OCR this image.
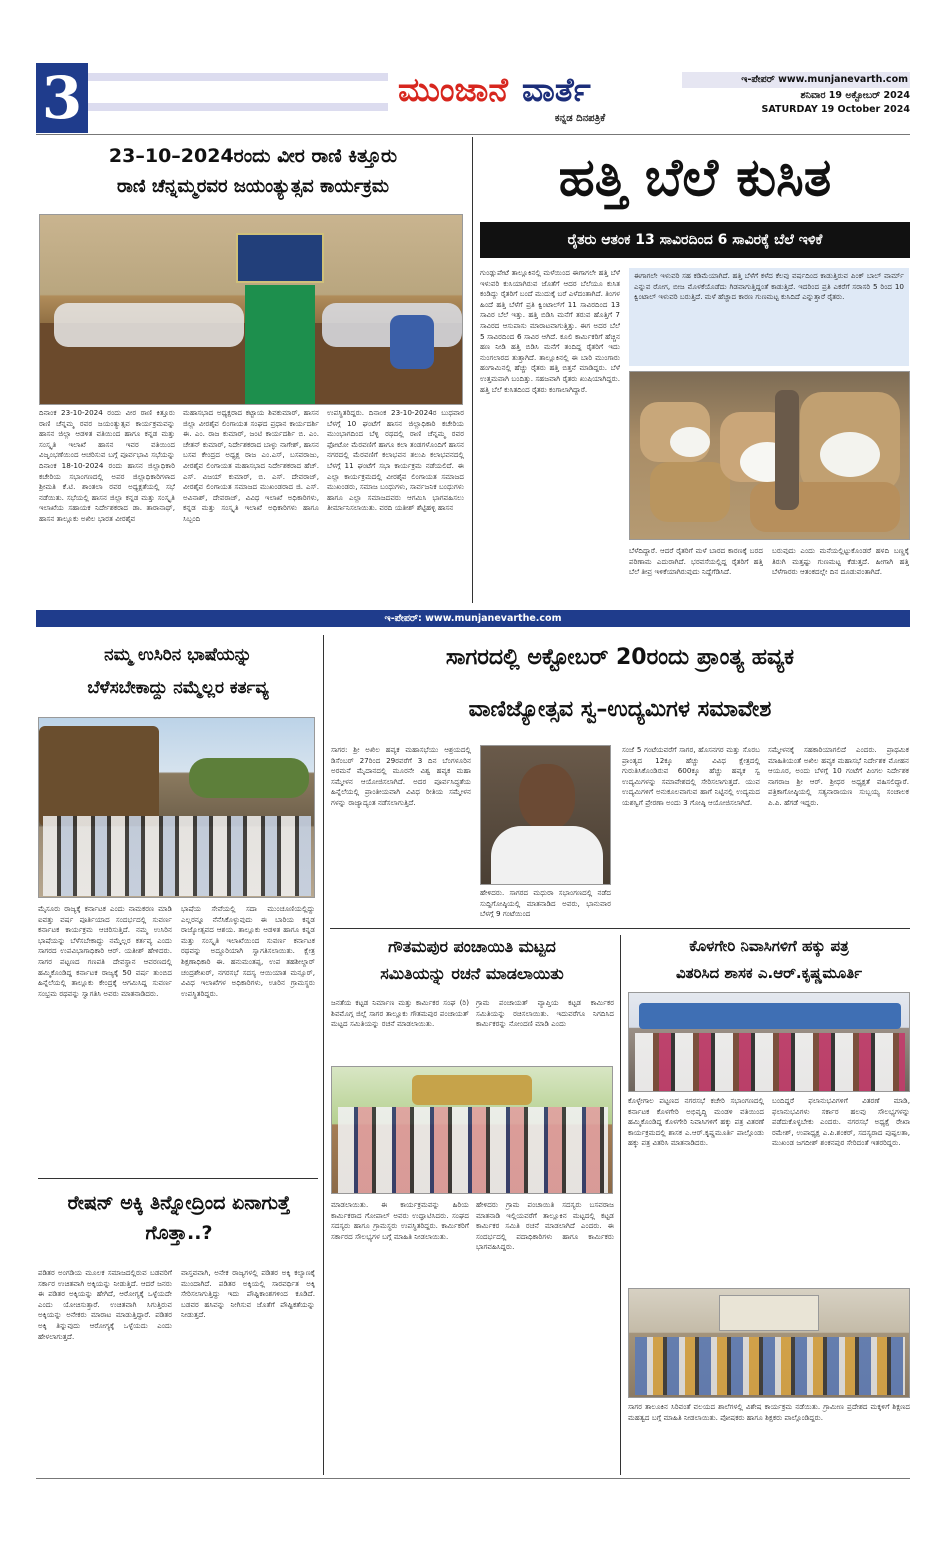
3	ಮುಂಜಾನೆ ವಾರ್ತೆ
ಕನ್ನಡ ದಿನಪತ್ರಿಕೆ
ಇ-ಪೇಪರ್ www.munjanevarth.com
ಶನಿವಾರ 19 ಅಕ್ಟೋಬರ್ 2024
SATURDAY 19 October 2024
23–10–2024ರಂದು ವೀರ ರಾಣಿ ಕಿತ್ತೂರು
ರಾಣಿ ಚೆನ್ನಮ್ಮರವರ ಜಯಂತ್ಯುತ್ಸವ ಕಾರ್ಯಕ್ರಮ
ದಿನಾಂಕ 23-10-2024 ರಂದು ವೀರ ರಾಣಿ ಕಿತ್ತೂರು ರಾಣಿ ಚೆನ್ನಮ್ಮ ರವರ ಜಯಂತ್ಯುತ್ಸವ ಕಾರ್ಯಕ್ರಮವನ್ನು ಹಾಸನ ಜಿಲ್ಲಾ ಆಡಳಿತ ವತಿಯಿಂದ ಹಾಗೂ ಕನ್ನಡ ಮತ್ತು ಸಂಸ್ಕೃತಿ ಇಲಾಖೆ ಹಾಸನ ಇವರ ವತಿಯಿಂದ ವಿಜೃಂಭಣೆಯಿಂದ ಆಚರಿಸುವ ಬಗ್ಗೆ ಪೂರ್ವಭಾವಿ ಸಭೆಯನ್ನು ದಿನಾಂಕ 18-10-2024 ರಂದು ಹಾಸನ ಜಿಲ್ಲಾಧಿಕಾರಿ ಕಚೇರಿಯ ಸಭಾಂಗಣದಲ್ಲಿ ಅಪರ ಜಿಲ್ಲಾಧಿಕಾರಿಗಳಾದ ಶ್ರೀಮತಿ ಕೆ.ಟಿ. ಶಾಂತಲಾ ರವರ ಅಧ್ಯಕ್ಷತೆಯಲ್ಲಿ ಸಭೆ ನಡೆಯಿತು. ಸಭೆಯಲ್ಲಿ ಹಾಸನ ಜಿಲ್ಲಾ ಕನ್ನಡ ಮತ್ತು ಸಂಸ್ಕೃತಿ ಇಲಾಖೆಯ ಸಹಾಯಕ ನಿರ್ದೇಶಕರಾದ ಡಾ. ತಾರಾನಾಥ್, ಹಾಸನ ತಾಲ್ಲೂಕು ಅಖಿಲ ಭಾರತ ವೀರಶೈವ
ಮಹಾಸಭಾದ ಅಧ್ಯಕ್ಷರಾದ ಕಟ್ಟಾಯ ಶಿವಕುಮಾರ್, ಹಾಸನ ಜಿಲ್ಲಾ ವೀರಶೈವ ಲಿಂಗಾಯತ ಸಂಘದ ಪ್ರಧಾನ ಕಾರ್ಯದರ್ಶಿ ಈ. ಎಂ. ರಾಜ ಕುಮಾರ್, ಜಂಟಿ ಕಾರ್ಯದರ್ಶಿ ಬಿ. ಎಂ. ಚೇತನ್ ಕುಮಾರ್, ನಿರ್ದೇಶಕರಾದ ಬಾಳ್ಳು ನಾಗೇಶ್, ಹಾಸನ ಬಸವ ಕೇಂದ್ರದ ಅಧ್ಯಕ್ಷ ರಾಜ ಎಂ.ಎಸ್, ಬಸವರಾಜು, ವೀರಶೈವ ಲಿಂಗಾಯತ ಮಹಾಸಭಾದ ನಿರ್ದೇಶಕರಾದ ಹೆಚ್. ಎಸ್. ವಿಜಯ್ ಕುಮಾರ್, ಬಿ. ಎಸ್. ದೇವರಾಜ್, ವೀರಶೈವ ಲಿಂಗಾಯತ ಸಮಾಜದ ಮುಖಂಡರಾದ ಜಿ. ಎಸ್. ಅವಿನಾಶ್, ದೇವರಾಜ್, ವಿವಿಧ ಇಲಾಖೆ ಅಧಿಕಾರಿಗಳು, ಕನ್ನಡ ಮತ್ತು ಸಂಸ್ಕೃತಿ ಇಲಾಖೆ ಅಧಿಕಾರಿಗಳು ಹಾಗೂ ಸಿಬ್ಬಂದಿ
ಉಪಸ್ಥಿತರಿದ್ದರು. ದಿನಾಂಕ 23-10-2024ರ ಬುಧವಾರ ಬೆಳಗ್ಗೆ 10 ಘಂಟೆಗೆ ಹಾಸನ ಜಿಲ್ಲಾಧಿಕಾರಿ ಕಚೇರಿಯ ಮುಂಭಾಗದಿಂದ ಬೆಳ್ಳಿ ರಥದಲ್ಲಿ ರಾಣಿ ಚೆನ್ನಮ್ಮ ರವರ ಫೋಟೋ ಮೆರವಣಿಗೆ ಹಾಗೂ ಕಲಾ ತಂಡಗಳೊಂದಿಗೆ ಹಾಸನ ನಗರದಲ್ಲಿ ಮೆರವಣಿಗೆ ಕಲಾಭವನ ತಲುಪಿ ಕಲಾಭವನದಲ್ಲಿ ಬೆಳಗ್ಗೆ 11 ಘಂಟೆಗೆ ಸಭಾ ಕಾರ್ಯಕ್ರಮ ನಡೆಯಲಿದೆ. ಈ ಎಲ್ಲಾ ಕಾರ್ಯಕ್ರಮದಲ್ಲಿ ವೀರಶೈವ ಲಿಂಗಾಯತ ಸಮಾಜದ ಮುಖಂಡರು, ಸಮಾಜ ಬಂಧುಗಳು, ಸಾರ್ವಜನಿಕ ಬಂಧುಗಳು ಹಾಗೂ ಎಲ್ಲಾ ಸಮಾಜದವರು ಆಗಮಿಸಿ ಭಾಗವಹಿಸಲು ತೀರ್ಮಾನಿಸಲಾಯಿತು. ವರದಿ ಯತೀಶ್ ಶೆಟ್ಟಿಹಳ್ಳಿ ಹಾಸನ
ಹತ್ತಿ ಬೆಲೆ ಕುಸಿತ
ರೈತರು ಆತಂಕ 13 ಸಾವಿರದಿಂದ 6 ಸಾವಿರಕ್ಕೆ ಬೆಲೆ ಇಳಿಕೆ
ಗುಂಡ್ಲುಪೇಟೆ ತಾಲ್ಲೂಕಿನಲ್ಲಿ ಮಳೆಯಿಂದ ಈಗಾಗಲೇ ಹತ್ತಿ ಬೆಳೆ ಇಳುವರಿ ಕುಸಿಯಾಗಿರುವ ಜೊತೆಗೆ ಆದರ ಬೆಲೆಯೂ ಕುಸಿತ ಕಂಡಿದ್ದು ರೈತರಿಗೆ ಬಂದೆ ಮುದುಕ್ಕೆ ಬರೆ ಎಳೆದಂತಾಗಿದೆ. ತಿಂಗಳ ಹಿಂದೆ ಹತ್ತಿ ಬೆಳೆಗೆ ಪ್ರತಿ ಕ್ವಿಂಟಾಲ್‌ಗೆ 11 ಸಾವಿರದಿಂದ 13 ಸಾವಿರ ಬೆಲೆ ಇತ್ತು. ಹತ್ತಿ ಬಿಡಿಸಿ ಮನೆಗೆ ತರುವ ಹೊತ್ತಿಗೆ 7 ಸಾವಿರದ ಆಸುಪಾಸು ಮಾರಾಟವಾಗುತ್ತಿತ್ತು. ಈಗ ಅದರ ಬೆಲೆ 5 ಸಾವಿರದಿಂದ 6 ಸಾವಿರ ಆಗಿದೆ. ಕೂಲಿ ಕಾರ್ಮಿಕರಿಗೆ ಹೆಚ್ಚಿನ ಹಣ ನೀಡಿ ಹತ್ತಿ ಬಿಡಿಸಿ ಮನೆಗೆ ತಂದಿದ್ದ ರೈತರಿಗೆ ಇದು ನುಂಗಲಾರದ ತುತ್ತಾಗಿದೆ. ತಾಲ್ಲೂಕಿನಲ್ಲಿ ಈ ಬಾರಿ ಮುಂಗಾರು ಹಂಗಾಮಿನಲ್ಲಿ ಹೆಚ್ಚು ರೈತರು ಹತ್ತಿ ಬಿತ್ತನೆ ಮಾಡಿದ್ದರು. ಬೆಳೆ ಉತ್ತಮವಾಗಿ ಬಂದಿತ್ತು. ಸಹಜವಾಗಿ ರೈತರು ಖುಷಿಯಾಗಿದ್ದರು. ಹತ್ತಿ ಬೆಲೆ ಕುಸಿತದಿಂದ ರೈತರು ಕಂಗಾಲಾಗಿದ್ದಾರೆ.
ಈಗಾಗಲೇ ಇಳುವರಿ ಸಹ ಕಡಿಮೆಯಾಗಿದೆ. ಹತ್ತಿ ಬೆಳೆಗೆ ಕಳೆದ ಕೆಲವು ವರ್ಷದಿಂದ ಕಾಡುತ್ತಿರುವ ಪಿಂಕ್ ಬಾಲ್ ವಾರ್ಮ್ ಎನ್ನುವ ರೋಗ, ಬೀಜ ಮೊಳಕೆಯೊಡೆದು ಗಿಡವಾಗುತ್ತಿದ್ದಂತೆ ಕಾಡುತ್ತಿದೆ. ಇದರಿಂದ ಪ್ರತಿ ಎಕರೆಗೆ ಸರಾಸರಿ 5 ರಿಂದ 10 ಕ್ವಿಂಟಾಲ್ ಇಳುವರಿ ಬರುತ್ತಿದೆ. ಮಳೆ ಹೆಚ್ಚಾದ ಕಾರಣ ಗುಣಮಟ್ಟ ಕುಸಿದಿದೆ ಎನ್ನುತ್ತಾರೆ ರೈತರು.
ಬೆಳೆದಿದ್ದಾರೆ. ಆದರೆ ರೈತರಿಗೆ ಮಳೆ ಬಾರದ ಕಾರಣಕ್ಕೆ ಬರದ ಪರಿಣಾಮ ಎದುರಾಗಿದೆ. ಭರವಸೆಯಲ್ಲಿದ್ದ ರೈತರಿಗೆ ಹತ್ತಿ ಬೆಲೆ ತೀವ್ರ ಇಳಿಕೆಯಾಗಿರುವುದು ನಿದ್ದೆಗೆಡಿಸಿದೆ.
ಬರುವುದು ಎಂದು ಮನೆಯಲ್ಲಿಟ್ಟುಕೊಂಡರೆ ಹಳದಿ ಬಣ್ಣಕ್ಕೆ ತಿರುಗಿ ಮತ್ತಷ್ಟು ಗುಣಮಟ್ಟ ಕೆಡುತ್ತದೆ. ಹೀಗಾಗಿ ಹತ್ತಿ ಬೆಳೆಗಾರರು ಆತಂಕದಲ್ಲೇ ದಿನ ದೂಡುವಂತಾಗಿದೆ.
ಇ-ಪೇಪರ್: www.munjanevarthe.com
ನಮ್ಮ ಉಸಿರಿನ ಭಾಷೆಯನ್ನು
ಬೆಳೆಸಬೇಕಾದ್ದು ನಮ್ಮೆಲ್ಲರ ಕರ್ತವ್ಯ
ಮೈಸೂರು ರಾಜ್ಯಕ್ಕೆ ಕರ್ನಾಟಕ ಎಂದು ನಾಮಕರಣ ಮಾಡಿ ಐವತ್ತು ವರ್ಷ ಪೂರ್ತಿಯಾದ ಸಂದರ್ಭದಲ್ಲಿ ಸುವರ್ಣ ಕರ್ನಾಟಕ ಕಾರ್ಯಕ್ರಮ ಆಚರಿಸುತ್ತಿದೆ. ನಮ್ಮ ಉಸಿರಿನ ಭಾಷೆಯನ್ನು ಬೆಳೆಸಬೇಕಾದ್ದು ನಮ್ಮೆಲ್ಲರ ಕರ್ತವ್ಯ ಎಂದು ಸಾಗರದ ಉಪವಿಭಾಗಾಧಿಕಾರಿ ಆರ್. ಯತೀಶ್ ಹೇಳಿದರು. ಸಾಗರ ಪಟ್ಟಣದ ಗಣಪತಿ ದೇವಸ್ಥಾನ ಆವರಣದಲ್ಲಿ ಹಮ್ಮಿಕೊಂಡಿದ್ದ ಕರ್ನಾಟಕ ರಾಜ್ಯಕ್ಕೆ 50 ವರ್ಷ ತುಂಬಿದ ಹಿನ್ನೆಲೆಯಲ್ಲಿ ತಾಲ್ಲೂಕು ಕೇಂದ್ರಕ್ಕೆ ಆಗಮಿಸಿದ್ದ ಸುವರ್ಣ ಸಂಭ್ರಮ ರಥವನ್ನು ಸ್ವಾಗತಿಸಿ ಅವರು ಮಾತನಾಡಿದರು.
ಭಾಷೆಯ ಸೇವೆಯಲ್ಲಿ ಸದಾ ಮುಂಚೂಣಿಯಲ್ಲಿದ್ದು ಎಲ್ಲರನ್ನೂ ನೆನೆಸಿಕೊಳ್ಳುವುದು ಈ ಬಾರಿಯ ಕನ್ನಡ ರಾಜ್ಯೋತ್ಸವದ ಆಶಯ. ತಾಲ್ಲೂಕು ಆಡಳಿತ ಹಾಗೂ ಕನ್ನಡ ಮತ್ತು ಸಂಸ್ಕೃತಿ ಇಲಾಖೆಯಿಂದ ಸುವರ್ಣ ಕರ್ನಾಟಕ ರಥವನ್ನು ಅದ್ದೂರಿಯಾಗಿ ಸ್ವಾಗತಿಸಲಾಯಿತು. ಕ್ಷೇತ್ರ ಶಿಕ್ಷಣಾಧಿಕಾರಿ ಈ. ಹನುಮಂತಪ್ಪ, ಉಪ ತಹಶೀಲ್ದಾರ್ ಚಂದ್ರಶೇಖರ್, ನಗರಸಭೆ ಸದಸ್ಯ ಆಯಿಯಾತ ಮನ್ಸೂರ್, ವಿವಿಧ ಇಲಾಖೆಗಳ ಅಧಿಕಾರಿಗಳು, ಊರಿನ ಗ್ರಾಮಸ್ಥರು ಉಪಸ್ಥಿತರಿದ್ದರು.
ರೇಷನ್ ಅಕ್ಕಿ ತಿನ್ನೋದ್ರಿಂದ ಏನಾಗುತ್ತೆ ಗೊತ್ತಾ..?
ಪಡಿತರ ಅಂಗಡಿಯ ಮೂಲಕ ಸಮಾಜದಲ್ಲಿರುವ ಬಡವರಿಗೆ ಸರ್ಕಾರ ಉಚಿತವಾಗಿ ಅಕ್ಕಿಯನ್ನು ನೀಡುತ್ತಿದೆ. ಆದರೆ ಜನರು ಈ ಪಡಿತರ ಅಕ್ಕಿಯನ್ನು ಹೇಗಿದೆ, ಆರೋಗ್ಯಕ್ಕೆ ಒಳ್ಳೆಯದೇ ಎಂದು ಯೋಚಿಸುತ್ತಾರೆ. ಉಚಿತವಾಗಿ ಸಿಗುತ್ತಿರುವ ಅಕ್ಕಿಯನ್ನು ಅನೇಕರು ಮಾರಾಟ ಮಾಡುತ್ತಿದ್ದಾರೆ. ಪಡಿತರ ಅಕ್ಕಿ ತಿನ್ನುವುದು ಆರೋಗ್ಯಕ್ಕೆ ಒಳ್ಳೆಯದು ಎಂದು ಹೇಳಲಾಗುತ್ತದೆ.
ವಾಸ್ತವವಾಗಿ, ಅನೇಕ ರಾಜ್ಯಗಳಲ್ಲಿ ಪಡಿತರ ಅಕ್ಕಿ ಕಲ್ಯಾಣಕ್ಕೆ ಮುಂದಾಗಿದೆ. ಪಡಿತರ ಅಕ್ಕಿಯಲ್ಲಿ ಸಾರವರ್ಧಿತ ಅಕ್ಕಿ ಸೇರಿಸಲಾಗುತ್ತಿದ್ದು ಇದು ಪೌಷ್ಟಿಕಾಂಶಗಳಿಂದ ಕೂಡಿದೆ. ಬಡವರ ಹಸಿವನ್ನು ನೀಗಿಸುವ ಜೊತೆಗೆ ಪೌಷ್ಟಿಕತೆಯನ್ನು ನೀಡುತ್ತದೆ.
ಸಾಗರದಲ್ಲಿ ಅಕ್ಟೋಬರ್ 20ರಂದು ಪ್ರಾಂತ್ಯ ಹವ್ಯಕ
ವಾಣಿಜ್ಯೋತ್ಸವ ಸ್ವ–ಉದ್ಯಮಿಗಳ ಸಮಾವೇಶ
ಸಾಗರ: ಶ್ರೀ ಅಖಿಲ ಹವ್ಯಕ ಮಹಾಸಭೆಯು ಆಶ್ರಯದಲ್ಲಿ ಡಿಸೆಂಬರ್ 27ರಿಂದ 29ರವರೆಗೆ 3 ದಿನ ಬೆಂಗಳೂರಿನ ಅರಮನೆ ಮೈದಾನದಲ್ಲಿ ಮೂರನೇ ವಿಶ್ವ ಹವ್ಯಕ ಮಹಾ ಸಮ್ಮೇಳನ ಆಯೋಜಿಸಲಾಗಿದೆ. ಅದರ ಪೂರ್ವಸಿದ್ಧತೆಯ ಹಿನ್ನೆಲೆಯಲ್ಲಿ ಪ್ರಾಂತೀಯವಾಗಿ ವಿವಿಧ ರೀತಿಯ ಸಮ್ಮೇಳನ ಗಳನ್ನು ರಾಜ್ಯಾದ್ಯಂತ ನಡೆಸಲಾಗುತ್ತಿದೆ.
ಹೇಳಿದರು. ಸಾಗರದ ಮಧುರಾ ಸಭಾಂಗಣದಲ್ಲಿ ನಡೆದ ಸುದ್ದಿಗೋಷ್ಠಿಯಲ್ಲಿ ಮಾತನಾಡಿದ ಅವರು, ಭಾನುವಾರ ಬೆಳಗ್ಗೆ 9 ಗಂಟೆಯಿಂದ
ಸಂಜೆ 5 ಗಂಟೆಯವರೆಗೆ ಸಾಗರ, ಹೊಸನಗರ ಮತ್ತು ಸೊರಬ ಪ್ರಾಂತ್ಯದ 12ಕ್ಕೂ ಹೆಚ್ಚು ವಿವಿಧ ಕ್ಷೇತ್ರದಲ್ಲಿ ಗುರುತಿಸಿಕೊಂಡಿರುವ 600ಕ್ಕೂ ಹೆಚ್ಚು ಹವ್ಯಕ ಸ್ವ ಉದ್ಯಮಿಗಳನ್ನು ಸಮಾವೇಶದಲ್ಲಿ ಸೇರಿಸಲಾಗುತ್ತದೆ. ಯುವ ಉದ್ಯಮಿಗಳಿಗೆ ಅನುಕೂಲವಾಗುವ ಹಾಗೆ ನಿಟ್ಟಿನಲ್ಲಿ ಉದ್ಯಮದ ಯಶಸ್ವಿಗೆ ಪ್ರೇರಣಾ ಅಂದು 3 ಗೋಷ್ಠಿ ಆಯೋಜಿಸಲಾಗಿದೆ.
ಸಮ್ಮೇಳನಕ್ಕೆ ಸಹಕಾರಿಯಾಗಲಿದೆ ಎಂದರು. ಪ್ರಾಥಮಿಕ ಮಾಹಿತಿಯಂತೆ ಅಖಿಲ ಹವ್ಯಕ ಮಹಾಸಭೆ ನಿರ್ದೇಶಕ ಮೋಹನ ಆಯೂರ, ಅಂದು ಬೆಳಗ್ಗೆ 10 ಗಂಟೆಗೆ ಪಿಂಗಲ ನಿರ್ದೇಶಕ ನಾಗರಾಜ ಶ್ರೀ ಆರ್. ಶ್ರೀಧರ ಅಧ್ಯಕ್ಷತೆ ವಹಿಸಲಿದ್ದಾರೆ. ಪತ್ರಿಕಾಗೋಷ್ಠಿಯಲ್ಲಿ ಸತ್ಯನಾರಾಯಣ ಸುಬ್ಬಯ್ಯ ಸಂಚಾಲಕ ಪಿ.ಪಿ. ಹೆಗಡೆ ಇದ್ದರು.
ಗೌತಮಪುರ ಪಂಚಾಯಿತಿ ಮಟ್ಟದ
ಸಮಿತಿಯನ್ನು ರಚನೆ ಮಾಡಲಾಯಿತು
ಜನತೆಯ ಕಟ್ಟಡ ನಿರ್ಮಾಣ ಮತ್ತು ಕಾರ್ಮಿಕರ ಸಂಘ (ರಿ) ಶಿವಮೊಗ್ಗ ಜಿಲ್ಲೆ ಸಾಗರ ತಾಲ್ಲೂಕು ಗೌತಮಪುರ ಪಂಚಾಯತ್ ಮಟ್ಟದ ಸಮಿತಿಯನ್ನು ರಚನೆ ಮಾಡಲಾಯಿತು.
ಗ್ರಾಮ ಪಂಚಾಯತ್ ವ್ಯಾಪ್ತಿಯ ಕಟ್ಟಡ ಕಾರ್ಮಿಕರ ಸಮಿತಿಯನ್ನು ರಚಿಸಲಾಯಿತು. ಇದುವರೆಗೂ ನಿಗದಿಸಿದ ಕಾರ್ಮಿಕರನ್ನು ನೋಂದಣಿ ಮಾಡಿ ಎಂದು
ಮಾಡಲಾಯಿತು. ಈ ಕಾರ್ಯಕ್ರಮವನ್ನು ಹಿರಿಯ ಕಾರ್ಮಿಕರಾದ ಗೋಪಾಲ್ ಅವರು ಉದ್ಘಾಟಿಸಿದರು. ಸಂಘದ ಸದಸ್ಯರು ಹಾಗೂ ಗ್ರಾಮಸ್ಥರು ಉಪಸ್ಥಿತರಿದ್ದರು. ಕಾರ್ಮಿಕರಿಗೆ ಸರ್ಕಾರದ ಸೌಲಭ್ಯಗಳ ಬಗ್ಗೆ ಮಾಹಿತಿ ನೀಡಲಾಯಿತು.
ಹೇಳಿದರು ಗ್ರಾಮ ಪಂಚಾಯಿತಿ ಸದಸ್ಯರು ಬಸವರಾಜ ಮಾತನಾಡಿ ಇಲ್ಲಿಯವರೆಗೆ ತಾಲ್ಲೂಕಿನ ಮಟ್ಟದಲ್ಲಿ ಕಟ್ಟಡ ಕಾರ್ಮಿಕರ ಸಮಿತಿ ರಚನೆ ಮಾಡಲಾಗಿದೆ ಎಂದರು. ಈ ಸಂದರ್ಭದಲ್ಲಿ ಪದಾಧಿಕಾರಿಗಳು ಹಾಗೂ ಕಾರ್ಮಿಕರು ಭಾಗವಹಿಸಿದ್ದರು.
ಕೊಳಗೇರಿ ನಿವಾಸಿಗಳಿಗೆ ಹಕ್ಕು ಪತ್ರ
ವಿತರಿಸಿದ ಶಾಸಕ ಎ.ಆರ್.ಕೃಷ್ಣಮೂರ್ತಿ
ಕೊಳ್ಳೇಗಾಲ ಪಟ್ಟಣದ ನಗರಸಭೆ ಕಚೇರಿ ಸಭಾಂಗಣದಲ್ಲಿ ಕರ್ನಾಟಕ ಕೊಳಗೇರಿ ಅಭಿವೃದ್ಧಿ ಮಂಡಳಿ ವತಿಯಿಂದ ಹಮ್ಮಿಕೊಂಡಿದ್ದ ಕೊಳಗೇರಿ ನಿವಾಸಿಗಳಿಗೆ ಹಕ್ಕು ಪತ್ರ ವಿತರಣೆ ಕಾರ್ಯಕ್ರಮದಲ್ಲಿ ಶಾಸಕ ಎ.ಆರ್.ಕೃಷ್ಣಮೂರ್ತಿ ಪಾಲ್ಗೊಂಡು ಹಕ್ಕು ಪತ್ರ ವಿತರಿಸಿ ಮಾತನಾಡಿದರು.
ಬಂದಿದ್ದರೆ ಫಲಾನುಭವಿಗಳಿಗೆ ವಿತರಣೆ ಮಾಡಿ, ಫಲಾನುಭವಿಗಳು ಸರ್ಕಾರ ಹಲವು ಸೌಲಭ್ಯಗಳನ್ನು ಪಡೆದುಕೊಳ್ಳಬೇಕು ಎಂದರು. ನಗರಸಭೆ ಅಧ್ಯಕ್ಷೆ ರೇಖಾ ರಮೇಶ್, ಉಪಾಧ್ಯಕ್ಷ ಎ.ಪಿ.ಶಂಕರ್, ಸದಸ್ಯರಾದ ಪುಷ್ಪಲತಾ, ಮುಖಂಡ ಜಗದೀಶ್ ಶಂಕನಪುರ ಸೇರಿದಂತೆ ಇತರರಿದ್ದರು.
ಸಾಗರ ತಾಲೂಕಿನ ಸಿರಿವಂತೆ ವಲಯದ ಶಾಲೆಗಳಲ್ಲಿ ವಿಶೇಷ ಕಾರ್ಯಕ್ರಮ ನಡೆಯಿತು. ಗ್ರಾಮೀಣ ಪ್ರದೇಶದ ಮಕ್ಕಳಿಗೆ ಶಿಕ್ಷಣದ ಮಹತ್ವದ ಬಗ್ಗೆ ಮಾಹಿತಿ ನೀಡಲಾಯಿತು. ಪೋಷಕರು ಹಾಗೂ ಶಿಕ್ಷಕರು ಪಾಲ್ಗೊಂಡಿದ್ದರು.
